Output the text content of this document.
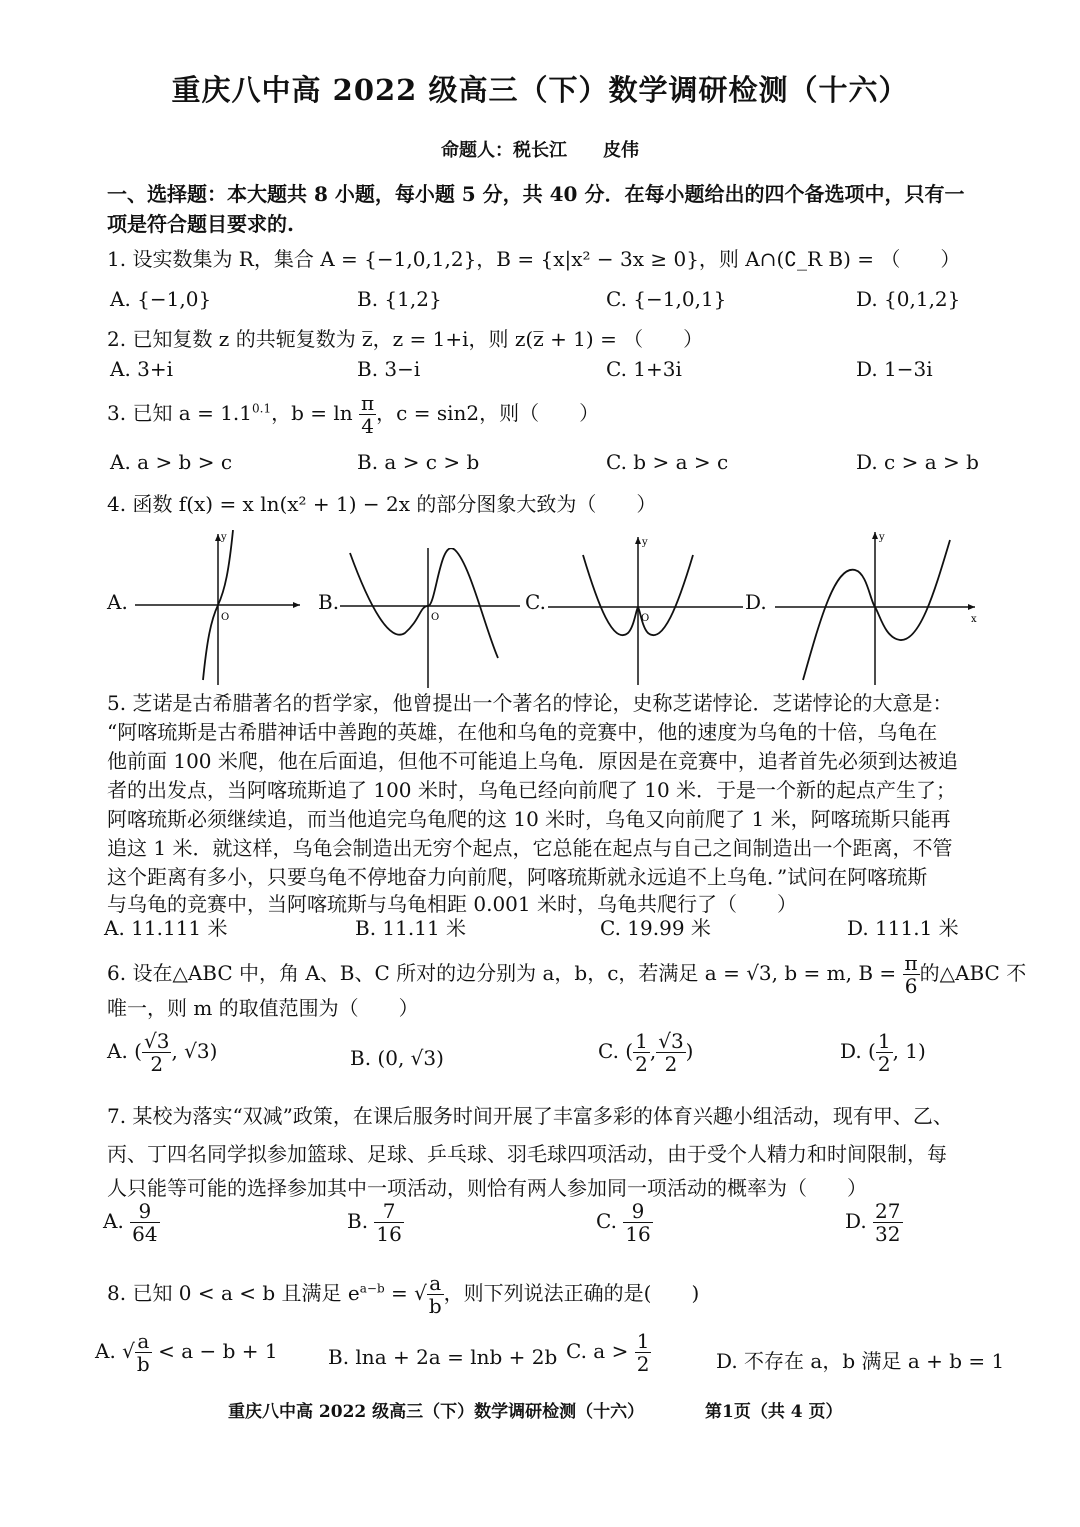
重庆八中高 2022 级高三（下）数学调研检测（十六）
命题人：税长江　　皮伟
一、选择题：本大题共 8 小题，每小题 5 分，共 40 分．在每小题给出的四个备选项中，只有一
项是符合题目要求的.
1. 设实数集为 R，集合 A = {−1,0,1,2}，B = {x|x² − 3x ≥ 0}，则 A∩(∁_R B) = （　　）
A. {−1,0}	B. {1,2}	C. {−1,0,1}	D. {0,1,2}
2. 已知复数 z 的共轭复数为 z̅，z = 1+i，则 z(z̅ + 1) = （　　）
A. 3+i	B. 3−i	C. 1+3i	D. 1−3i
3. 已知 $a = 1.1^{0.1}$，$b = \ln \frac{\pi}{4}$ ，c = sin2，则（　　）
A. a > b > c	B. a > c > b	C. b > a > c	D. c > a > b
4. 函数 f(x) = x ln(x² + 1) − 2x 的部分图象大致为（　　）
A.	B.	C.	D.
y
O	O
y
O
y
x
5. 芝诺是古希腊著名的哲学家，他曾提出一个著名的悖论，史称芝诺悖论．芝诺悖论的大意是：
“阿喀琉斯是古希腊神话中善跑的英雄，在他和乌龟的竞赛中，他的速度为乌龟的十倍，乌龟在
他前面 100 米爬，他在后面追，但他不可能追上乌龟．原因是在竞赛中，追者首先必须到达被追
者的出发点，当阿喀琉斯追了 100 米时，乌龟已经向前爬了 10 米．于是一个新的起点产生了；
阿喀琉斯必须继续追，而当他追完乌龟爬的这 10 米时，乌龟又向前爬了 1 米，阿喀琉斯只能再
追这 1 米．就这样，乌龟会制造出无穷个起点，它总能在起点与自己之间制造出一个距离，不管
这个距离有多小，只要乌龟不停地奋力向前爬，阿喀琉斯就永远追不上乌龟．”试问在阿喀琉斯
与乌龟的竞赛中，当阿喀琉斯与乌龟相距 0.001 米时，乌龟共爬行了（　　）
A. 11.111 米	B. 11.11 米	C. 19.99 米	D. 111.1 米
6. 设在△ABC 中，角 A、B、C 所对的边分别为 a，b，c，若满足 a = √3, b = m, $B = \frac{\pi}{6}$ 的△ABC 不
唯一，则 m 的取值范围为（　　）
A. ( $\frac{√3}{2}$ , √3)	B. (0, √3)	C. ( $\frac{1}{2}$ , $\frac{√3}{2}$ )	D. ( $\frac{1}{2}$ , 1)
7. 某校为落实“双减”政策，在课后服务时间开展了丰富多彩的体育兴趣小组活动，现有甲、乙、
丙、丁四名同学拟参加篮球、足球、乒乓球、羽毛球四项活动，由于受个人精力和时间限制，每
人只能等可能的选择参加其中一项活动，则恰有两人参加同一项活动的概率为（　　）
A. $\frac{9}{64}$	B. $\frac{7}{16}$	C. $\frac{9}{16}$	D. $\frac{27}{32}$
8. 已知 0 < a < b 且满足 $e^{a-b}$ = √ $\frac{a}{b}$ ，则下列说法正确的是(　　)
A. √ $\frac{a}{b} < a - b + 1$	B. lna + 2a = lnb + 2b C. $a > \frac{1}{2}$	D. 不存在 a，b 满足 a + b = 1
重庆八中高 2022 级高三（下）数学调研检测（十六）	第1页（共 4 页）
